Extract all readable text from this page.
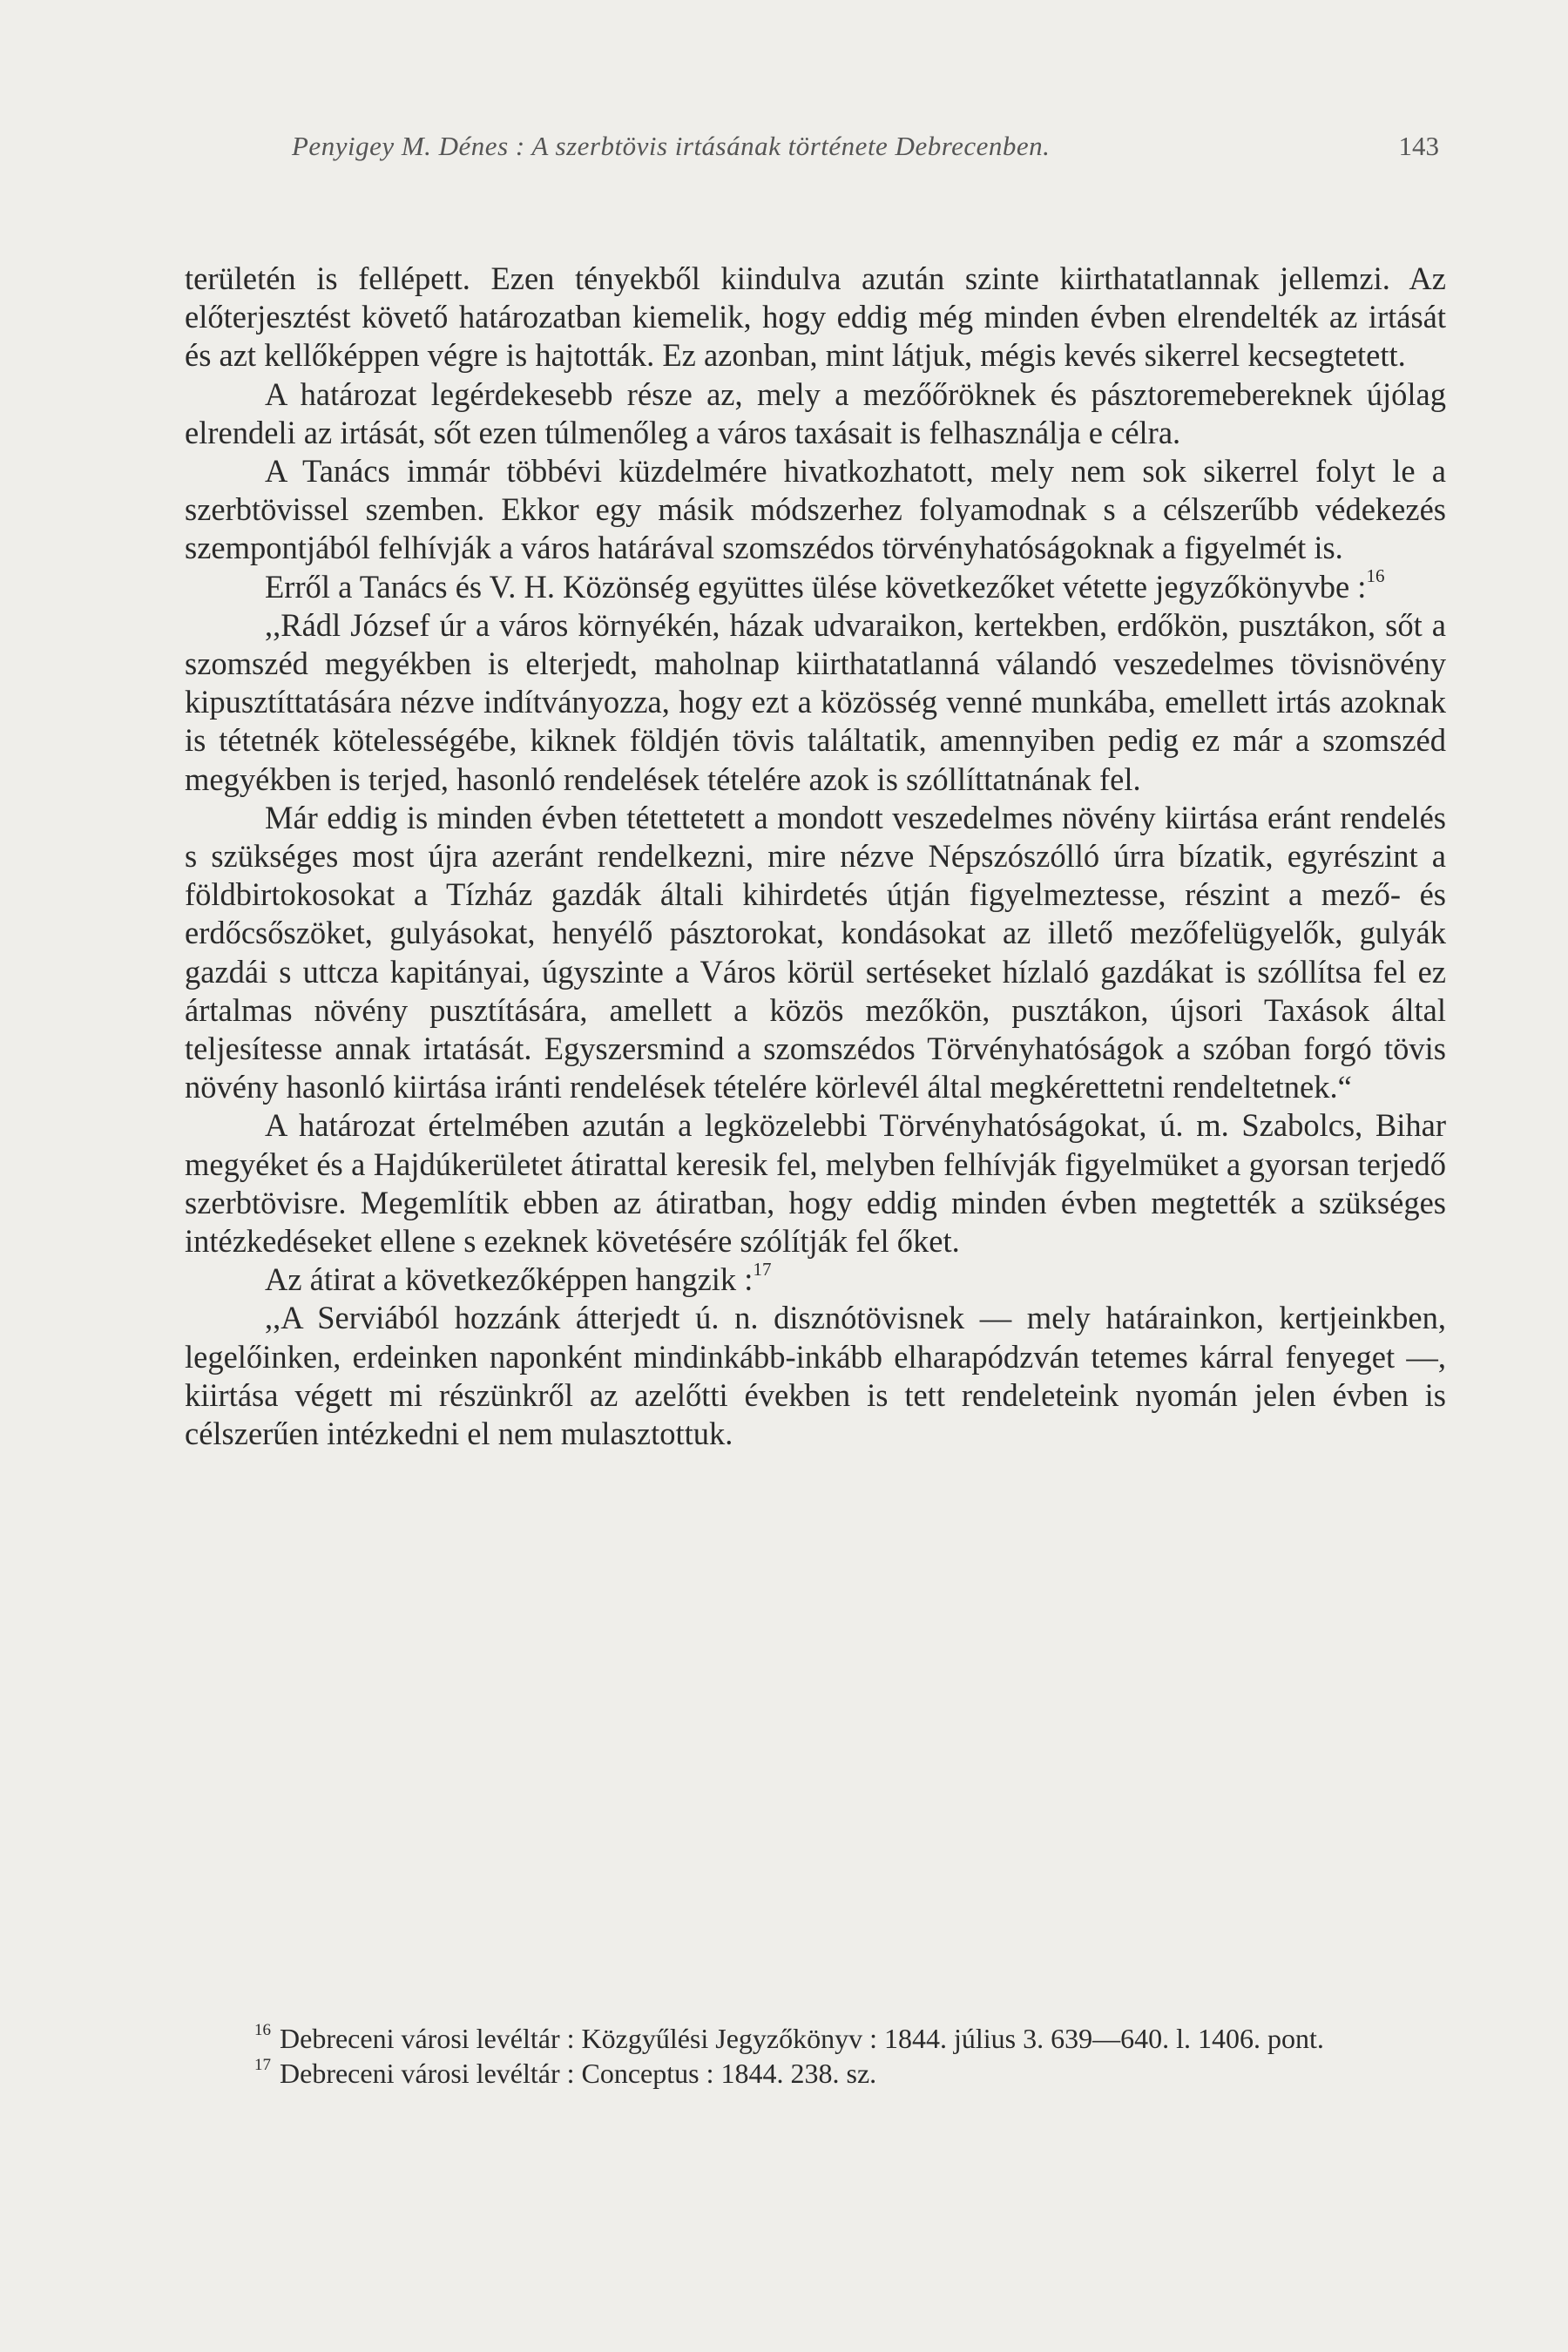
Penyigey M. Dénes : A szerbtövis irtásának története Debrecenben.	143

területén is fellépett. Ezen tényekből kiindulva azután szinte kiirthatatlannak jellemzi. Az előterjesztést követő határozatban kiemelik, hogy eddig még minden évben elrendelték az irtását és azt kellőképpen végre is hajtották. Ez azonban, mint látjuk, mégis kevés sikerrel kecsegtetett.

A határozat legérdekesebb része az, mely a mezőőröknek és pásztoremebereknek újólag elrendeli az irtását, sőt ezen túlmenőleg a város taxásait is felhasználja e célra.

A Tanács immár többévi küzdelmére hivatkozhatott, mely nem sok sikerrel folyt le a szerbtövissel szemben. Ekkor egy másik módszerhez folyamodnak s a célszerűbb védekezés szempontjából felhívják a város határával szomszédos törvényhatóságoknak a figyelmét is.

Erről a Tanács és V. H. Közönség együttes ülése következőket vétette jegyzőkönyvbe :$^{16}$

,,Rádl József úr a város környékén, házak udvaraikon, kertekben, erdőkön, pusztákon, sőt a szomszéd megyékben is elterjedt, maholnap kiirthatatlanná válandó veszedelmes tövisnövény kipusztíttatására nézve indítványozza, hogy ezt a közösség venné munkába, emellett irtás azoknak is tétetnék kötelességébe, kiknek földjén tövis találtatik, amennyiben pedig ez már a szomszéd megyékben is terjed, hasonló rendelések tételére azok is szóllíttatnának fel.

Már eddig is minden évben tétettetett a mondott veszedelmes növény kiirtása eránt rendelés s szükséges most újra azeránt rendelkezni, mire nézve Népszószólló úrra bízatik, egyrészint a földbirtokosokat a Tízház gazdák általi kihirdetés útján figyelmeztesse, részint a mező- és erdőcsőszöket, gulyásokat, henyélő pásztorokat, kondásokat az illető mezőfelügyelők, gulyák gazdái s uttcza kapitányai, úgyszinte a Város körül sertéseket hízlaló gazdákat is szóllítsa fel ez ártalmas növény pusztítására, amellett a közös mezőkön, pusztákon, újsori Taxások által teljesítesse annak irtatását. Egyszersmind a szomszédos Törvényhatóságok a szóban forgó tövis növény hasonló kiirtása iránti rendelések tételére körlevél által megkérettetni rendeltetnek.“

A határozat értelmében azután a legközelebbi Törvényhatóságokat, ú. m. Szabolcs, Bihar megyéket és a Hajdúkerületet átirattal keresik fel, melyben felhívják figyelmüket a gyorsan terjedő szerbtövisre. Megemlítik ebben az átiratban, hogy eddig minden évben megtették a szükséges intézkedéseket ellene s ezeknek követésére szólítják fel őket.

Az átirat a következőképpen hangzik :$^{17}$

,,A Serviából hozzánk átterjedt ú. n. disznótövisnek — mely határainkon, kertjeinkben, legelőinken, erdeinken naponként mindinkább-inkább elharapódzván tetemes kárral fenyeget —, kiirtása végett mi részünkről az azelőtti években is tett rendeleteink nyomán jelen évben is célszerűen intézkedni el nem mulasztottuk.

$^{16}$ Debreceni városi levéltár : Közgyűlési Jegyzőkönyv : 1844. július 3. 639—640. l. 1406. pont.

$^{17}$ Debreceni városi levéltár : Conceptus : 1844. 238. sz.
